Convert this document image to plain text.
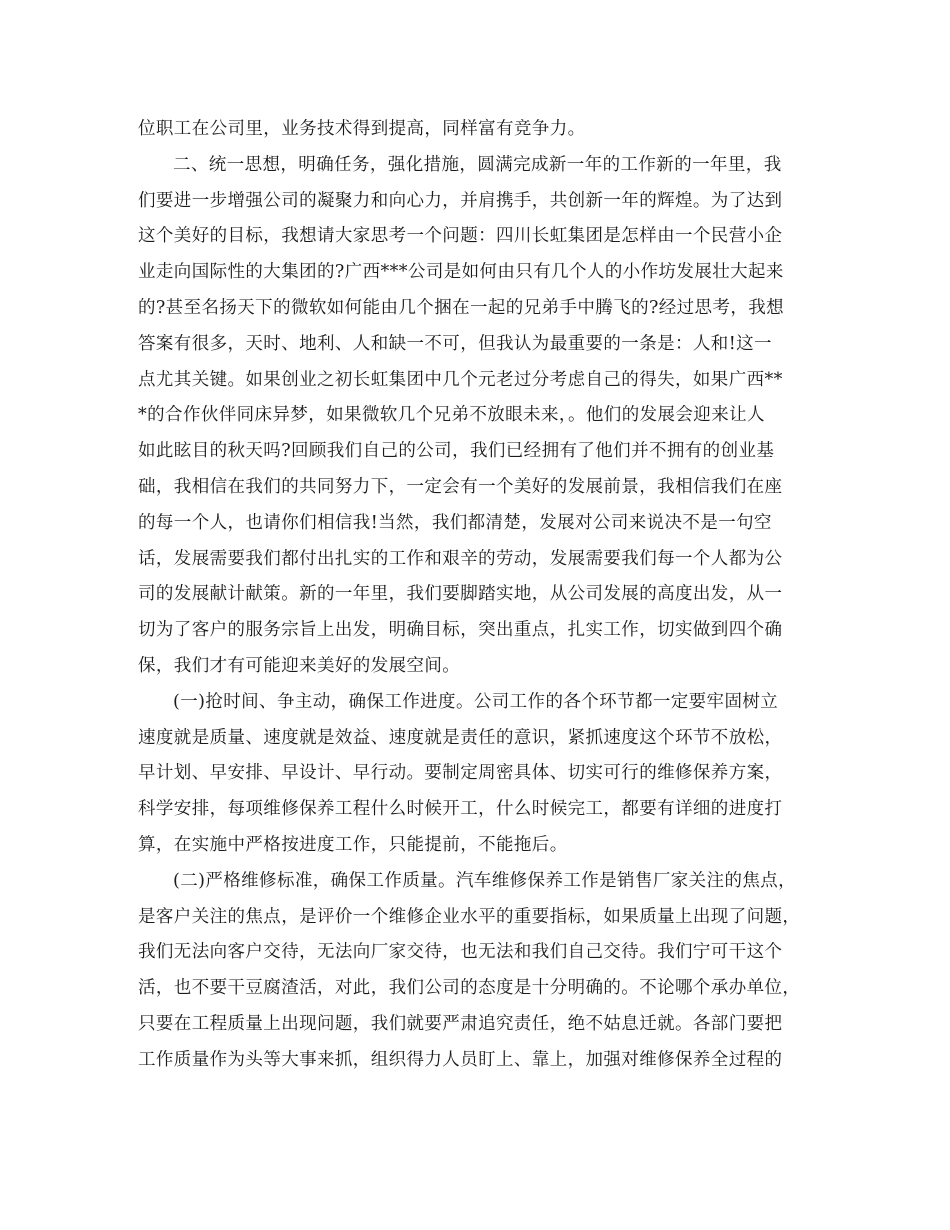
位职工在公司里，业务技术得到提高，同样富有竞争力。
二、统一思想，明确任务，强化措施，圆满完成新一年的工作新的一年里，我
们要进一步增强公司的凝聚力和向心力，并肩携手，共创新一年的辉煌。为了达到
这个美好的目标，我想请大家思考一个问题：四川长虹集团是怎样由一个民营小企
业走向国际性的大集团的?广西***公司是如何由只有几个人的小作坊发展壮大起来
的?甚至名扬天下的微软如何能由几个捆在一起的兄弟手中腾飞的?经过思考，我想
答案有很多，天时、地利、人和缺一不可，但我认为最重要的一条是：人和!这一
点尤其关键。如果创业之初长虹集团中几个元老过分考虑自己的得失，如果广西**
*的合作伙伴同床异梦，如果微软几个兄弟不放眼未来，。他们的发展会迎来让人
如此眩目的秋天吗?回顾我们自己的公司，我们已经拥有了他们并不拥有的创业基
础，我相信在我们的共同努力下，一定会有一个美好的发展前景，我相信我们在座
的每一个人，也请你们相信我!当然，我们都清楚，发展对公司来说决不是一句空
话，发展需要我们都付出扎实的工作和艰辛的劳动，发展需要我们每一个人都为公
司的发展献计献策。新的一年里，我们要脚踏实地，从公司发展的高度出发，从一
切为了客户的服务宗旨上出发，明确目标，突出重点，扎实工作，切实做到四个确
保，我们才有可能迎来美好的发展空间。
(一)抢时间、争主动，确保工作进度。公司工作的各个环节都一定要牢固树立
速度就是质量、速度就是效益、速度就是责任的意识，紧抓速度这个环节不放松，
早计划、早安排、早设计、早行动。要制定周密具体、切实可行的维修保养方案，
科学安排，每项维修保养工程什么时候开工，什么时候完工，都要有详细的进度打
算，在实施中严格按进度工作，只能提前，不能拖后。
(二)严格维修标准，确保工作质量。汽车维修保养工作是销售厂家关注的焦点，
是客户关注的焦点，是评价一个维修企业水平的重要指标，如果质量上出现了问题，
我们无法向客户交待，无法向厂家交待，也无法和我们自己交待。我们宁可干这个
活，也不要干豆腐渣活，对此，我们公司的态度是十分明确的。不论哪个承办单位，
只要在工程质量上出现问题，我们就要严肃追究责任，绝不姑息迁就。各部门要把
工作质量作为头等大事来抓，组织得力人员盯上、靠上，加强对维修保养全过程的
